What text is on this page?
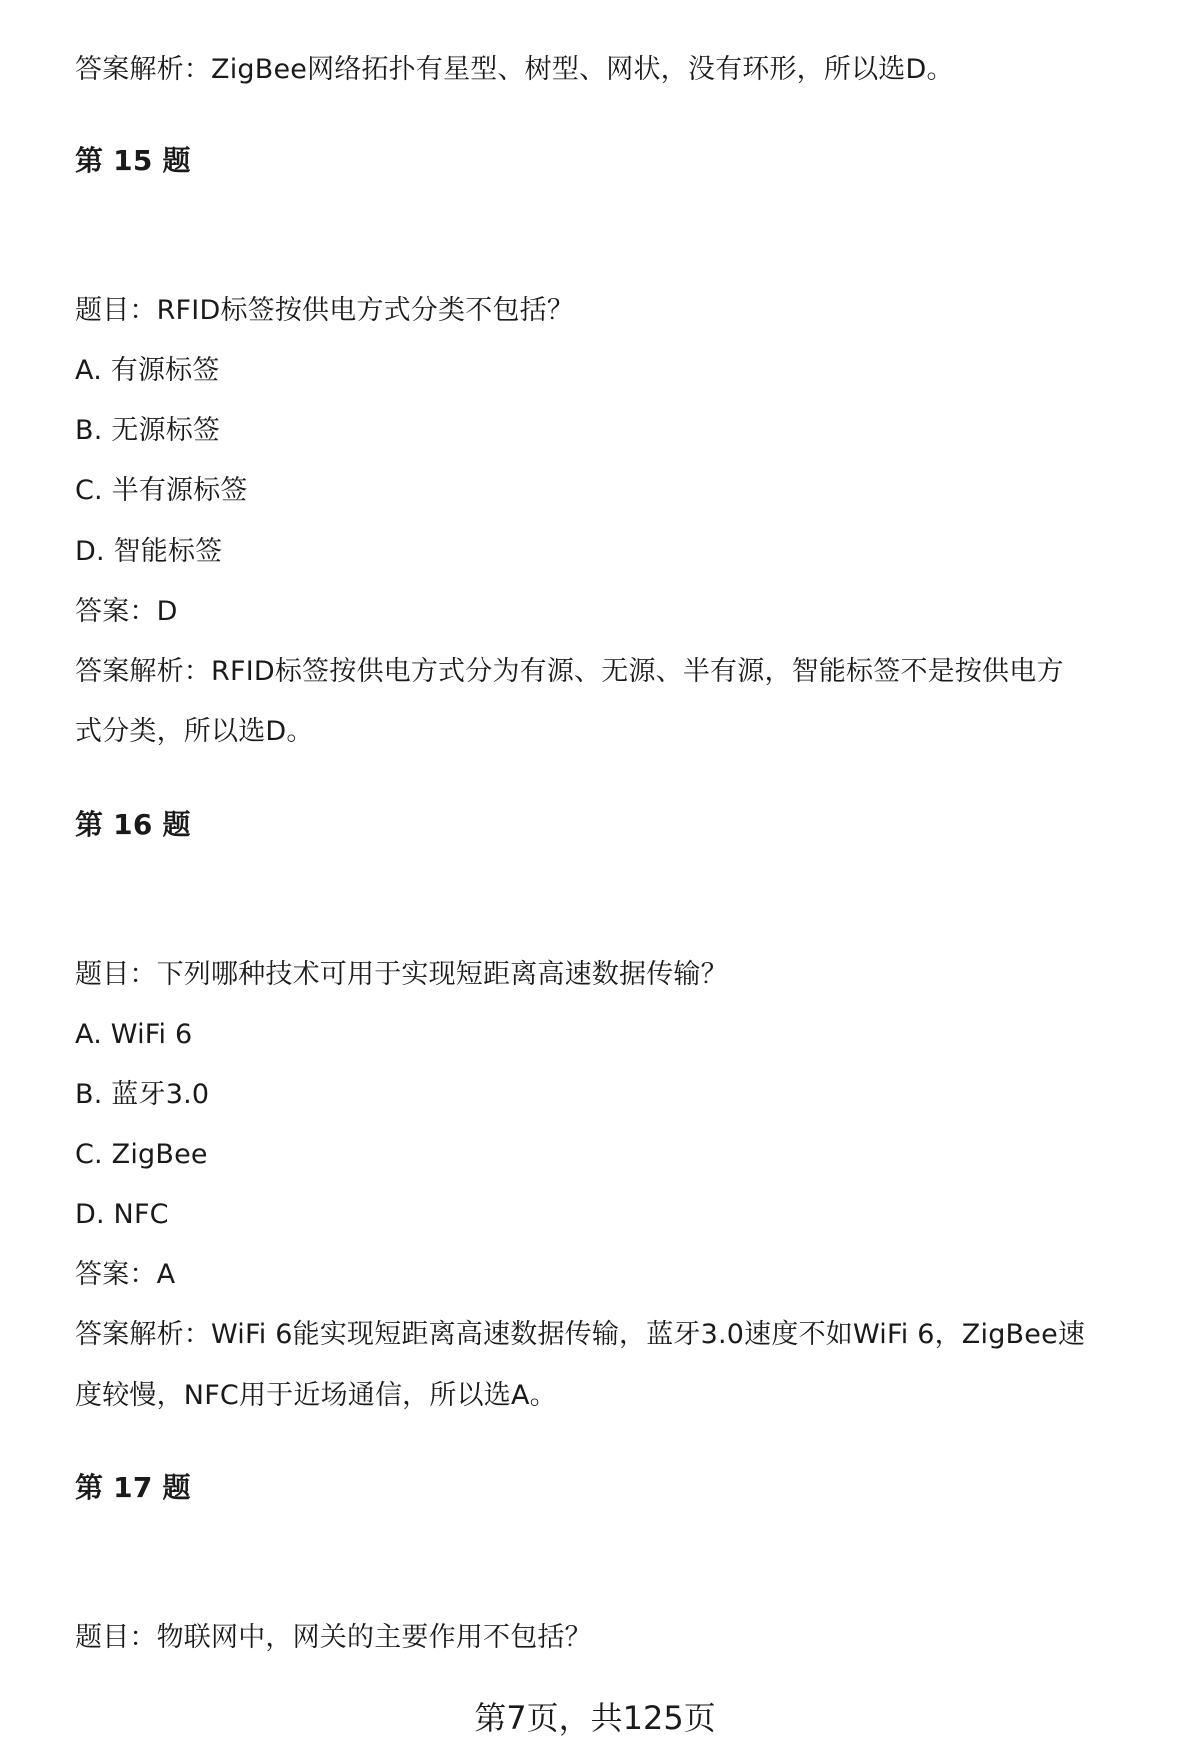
答案解析：ZigBee网络拓扑有星型、树型、网状，没有环形，所以选D。
第 15 题
题目：RFID标签按供电方式分类不包括？
A. 有源标签
B. 无源标签
C. 半有源标签
D. 智能标签
答案：D
答案解析：RFID标签按供电方式分为有源、无源、半有源，智能标签不是按供电方
式分类，所以选D。
第 16 题
题目：下列哪种技术可用于实现短距离高速数据传输？
A. WiFi 6
B. 蓝牙3.0
C. ZigBee
D. NFC
答案：A
答案解析：WiFi 6能实现短距离高速数据传输，蓝牙3.0速度不如WiFi 6，ZigBee速
度较慢，NFC用于近场通信，所以选A。
第 17 题
题目：物联网中，网关的主要作用不包括？
第7页，共125页
